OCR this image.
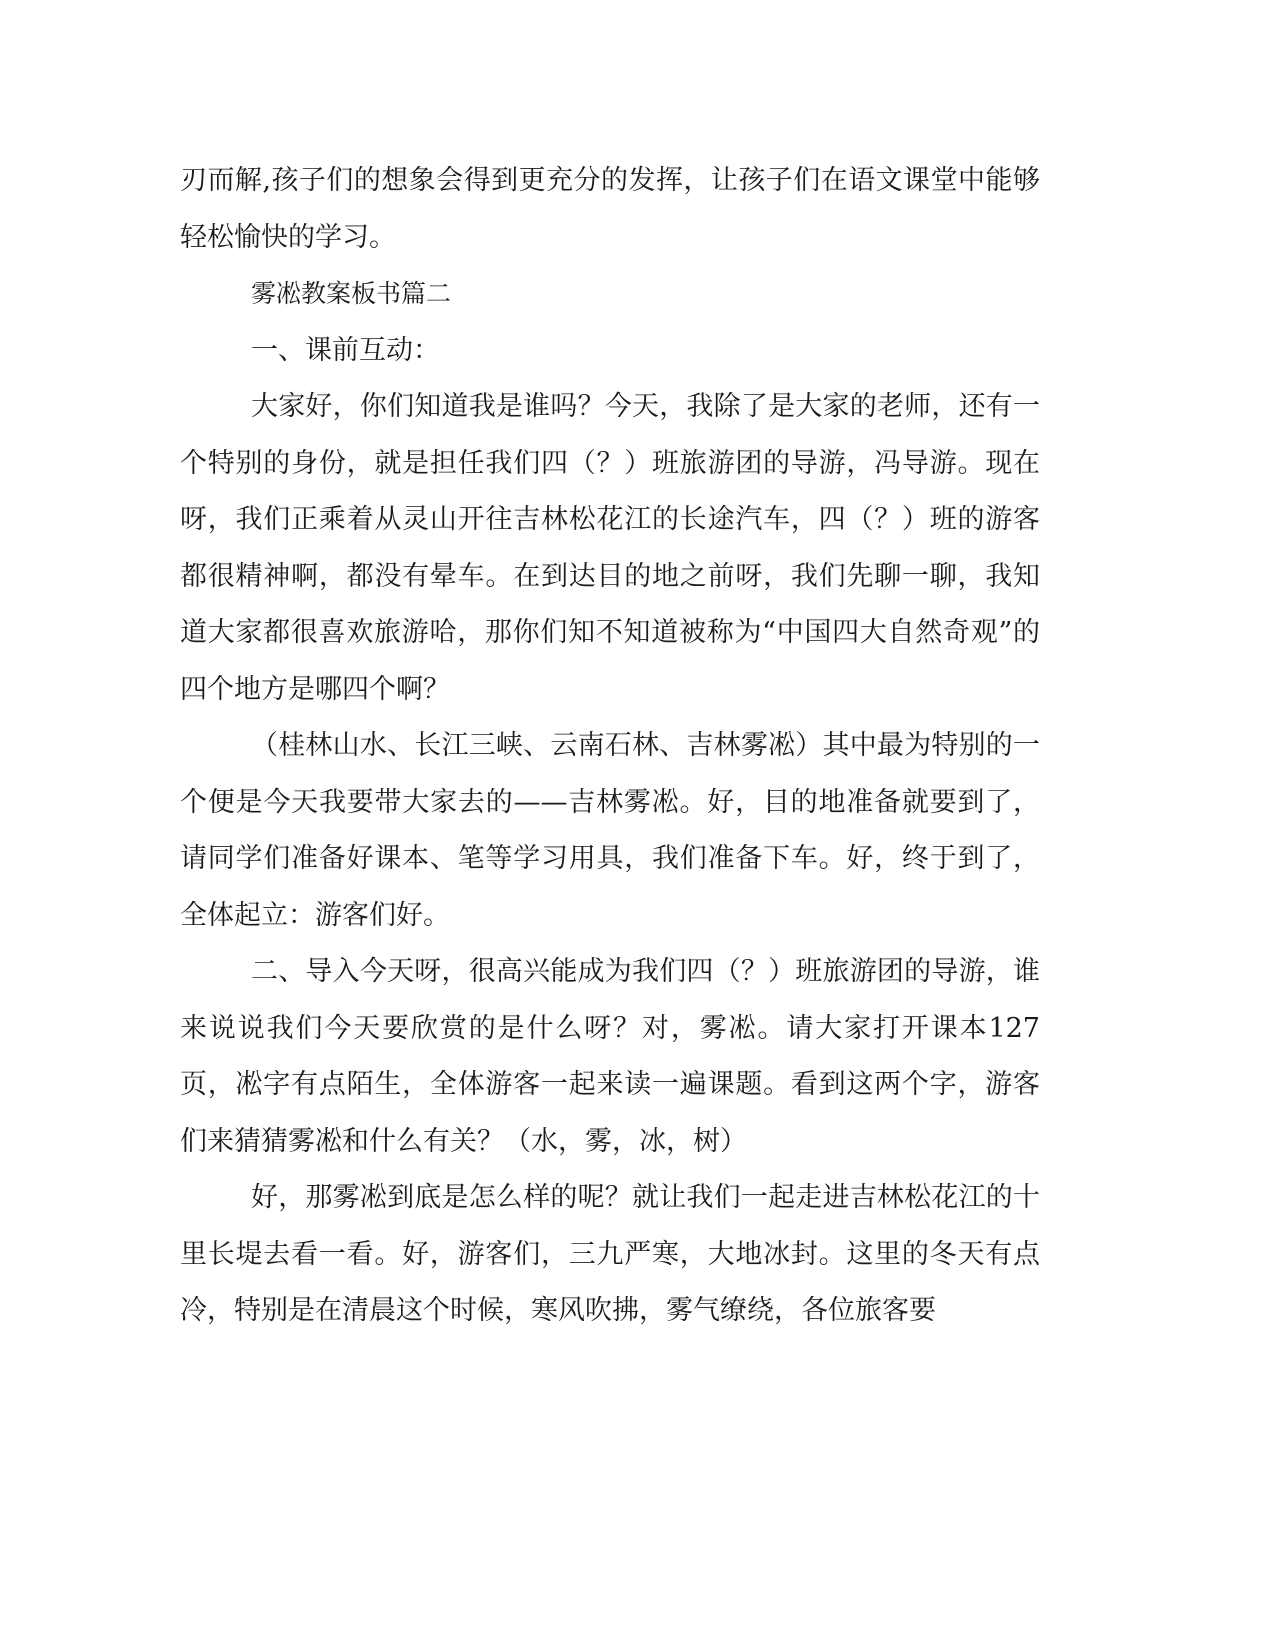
刃而解,孩子们的想象会得到更充分的发挥，让孩子们在语文课堂中能够轻松愉快的学习。

雾凇教案板书篇二

一、课前互动：

大家好，你们知道我是谁吗？今天，我除了是大家的老师，还有一个特别的身份，就是担任我们四（？）班旅游团的导游，冯导游。现在呀，我们正乘着从灵山开往吉林松花江的长途汽车，四（？）班的游客都很精神啊，都没有晕车。在到达目的地之前呀，我们先聊一聊，我知道大家都很喜欢旅游哈，那你们知不知道被称为“中国四大自然奇观”的四个地方是哪四个啊？

（桂林山水、长江三峡、云南石林、吉林雾凇）其中最为特别的一个便是今天我要带大家去的——吉林雾凇。好，目的地准备就要到了，请同学们准备好课本、笔等学习用具，我们准备下车。好，终于到了，全体起立：游客们好。

二、导入今天呀，很高兴能成为我们四（？）班旅游团的导游，谁来说说我们今天要欣赏的是什么呀？对，雾凇。请大家打开课本127页，凇字有点陌生，全体游客一起来读一遍课题。看到这两个字，游客们来猜猜雾凇和什么有关？（水，雾，冰，树）

好，那雾凇到底是怎么样的呢？就让我们一起走进吉林松花江的十里长堤去看一看。好，游客们，三九严寒，大地冰封。这里的冬天有点冷，特别是在清晨这个时候，寒风吹拂，雾气缭绕，各位旅客要
